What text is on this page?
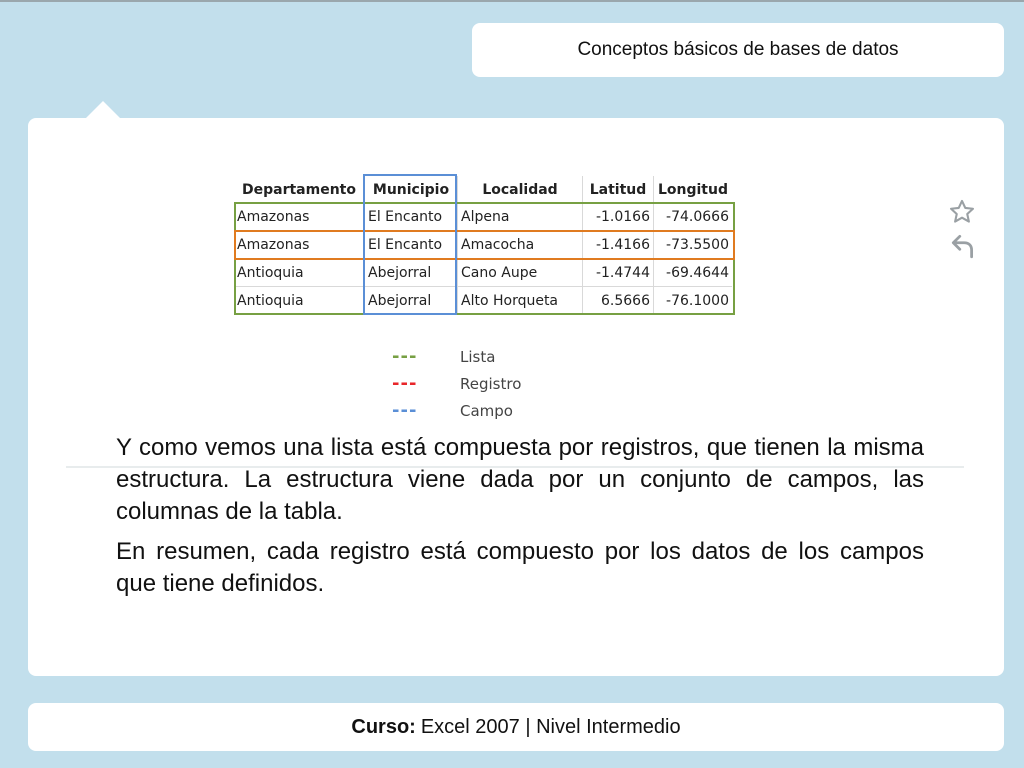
Conceptos básicos de bases de datos
Departamento	Municipio	Localidad	Latitud	Longitud
Amazonas	El Encanto	Alpena	-1.0166	-74.0666
Amazonas	El Encanto	Amacocha	-1.4166	-73.5500
Antioquia	Abejorral	Cano Aupe	-1.4744	-69.4644
Antioquia	Abejorral	Alto Horqueta	6.5666	-76.1000
---	Lista
---	Registro
---	Campo

Y como vemos una lista está compuesta por registros, que tienen la misma estructura. La estructura viene dada por un conjunto de campos, las columnas de la tabla.

En resumen, cada registro está compuesto por los datos de los campos que tiene definidos.

Curso: Excel 2007 | Nivel Intermedio
